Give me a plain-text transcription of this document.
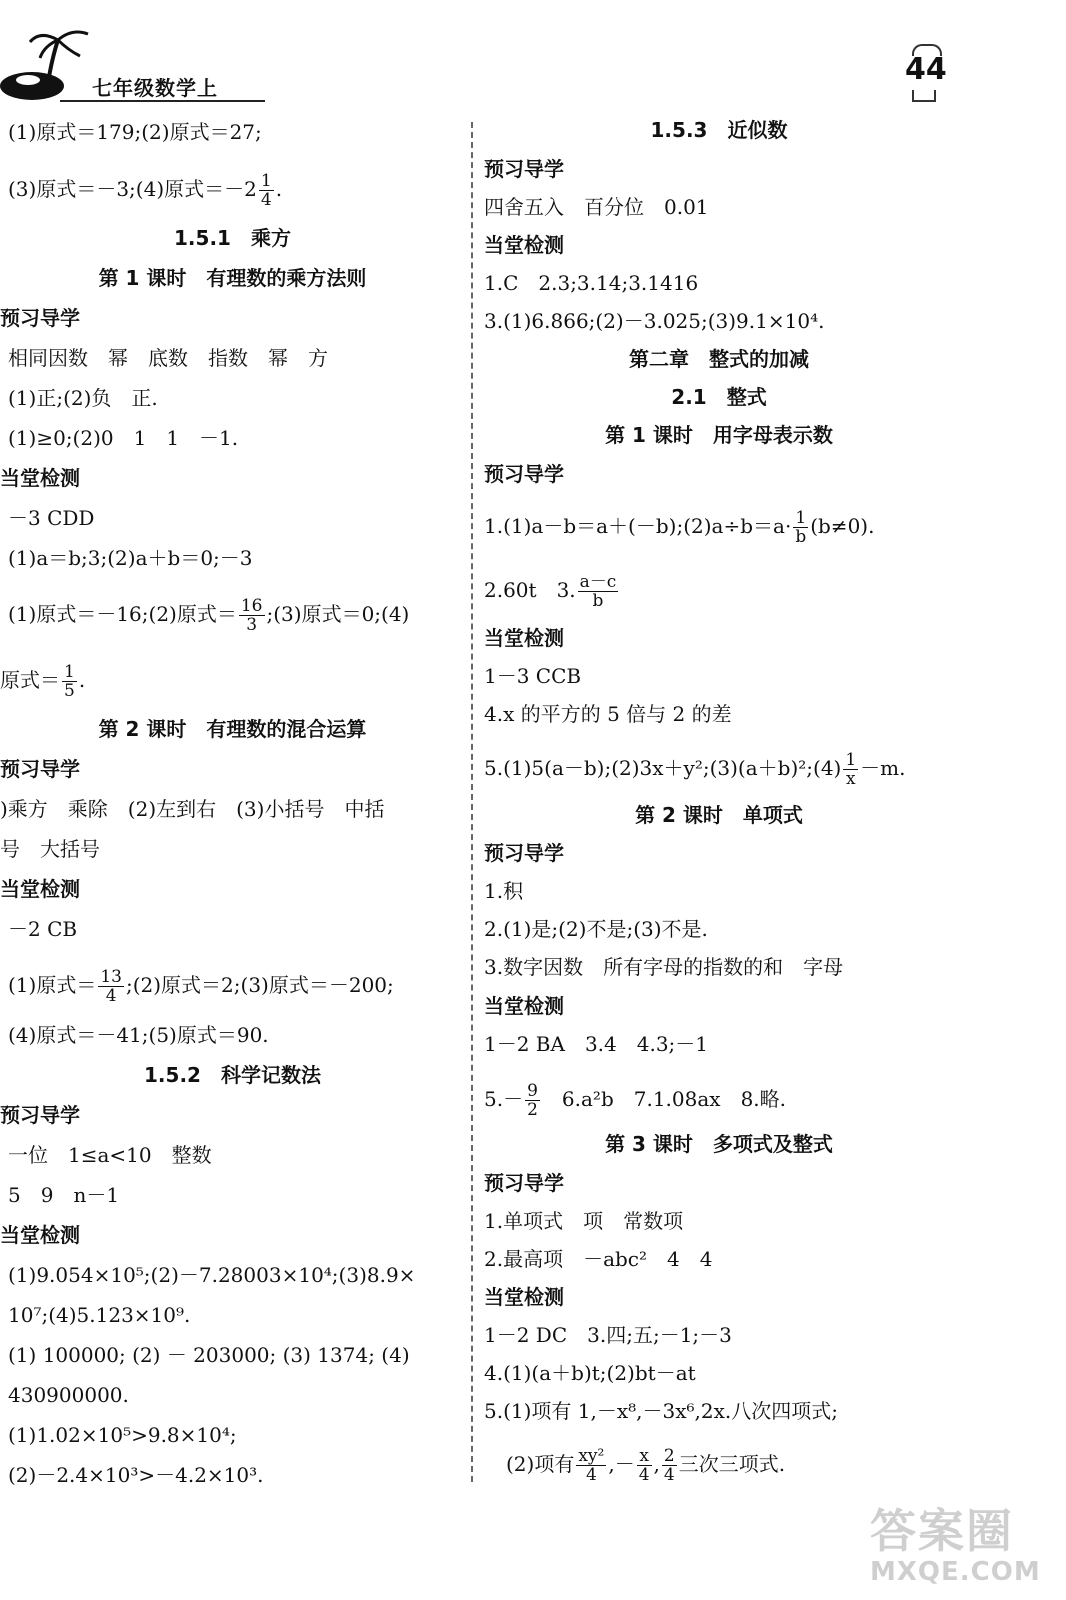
七年级数学上
44
(1)原式＝179;(2)原式＝27;
(3)原式＝－3;(4)原式$=-2 \frac{1}{4}$ .
1.5.1　乘方
第 1 课时　有理数的乘方法则
预习导学
相同因数　幂　底数　指数　幂　方
(1)正;(2)负　正.
(1)≥0;(2)0　1　1　－1.
当堂检测
－3 CDD
(1)a＝b;3;(2)a＋b＝0;－3
(1)原式＝－16;(2)原式＝ $\frac{16}{3}$ ;(3)原式＝0;(4)
原式＝ $\frac{1}{5}$ .
第 2 课时　有理数的混合运算
预习导学
)乘方　乘除　(2)左到右　(3)小括号　中括
号　大括号
当堂检测
－2 CB
(1)原式＝ $\frac{13}{4}$ ;(2)原式＝2;(3)原式＝－200;
(4)原式＝－41;(5)原式＝90.
1.5.2　科学记数法
预习导学
一位　1≤a<10　整数
5　9　n－1
当堂检测
(1)9.054×10⁵;(2)－7.28003×10⁴;(3)8.9×
10⁷;(4)5.123×10⁹.
(1) 100000; (2) － 203000; (3) 1374; (4)
430900000.
(1)1.02×10⁵>9.8×10⁴;
(2)－2.4×10³>－4.2×10³.
1.5.3　近似数
预习导学
四舍五入　百分位　0.01
当堂检测
1.C　2.3;3.14;3.1416
3.(1)6.866;(2)－3.025;(3)9.1×10⁴.
第二章　整式的加减
2.1　整式
第 1 课时　用字母表示数
预习导学
1.(1)a－b＝a＋(－b);(2)a÷b＝a· $\frac{1}{b} (b\ne 0)$.
2.60t　3. $\frac{a-c}{b}$
当堂检测
1－3 CCB
4.x 的平方的 5 倍与 2 的差
5.(1)5(a－b);(2)3x＋y²;(3)(a＋b)²;(4) $\frac{1}{x} -m$.
第 2 课时　单项式
预习导学
1.积
2.(1)是;(2)不是;(3)不是.
3.数字因数　所有字母的指数的和　字母
当堂检测
1－2 BA　3.4　4.3;－1
$5.- \frac{9}{2}$ 　6.a²b　7.1.08ax　8.略.
第 3 课时　多项式及整式
预习导学
1.单项式　项　常数项
2.最高项　－abc²　4　4
当堂检测
1－2 DC　3.四;五;－1;－3
4.(1)(a＋b)t;(2)bt－at
5.(1)项有 1,－x⁸,－3x⁶,2x.八次四项式;
(2)项有 $\frac{\text{xy²}}{4}$ ,－ $\frac{x}{4}$ , $\frac{2}{4}$ 三次三项式.
答案圈
MXQE.COM
